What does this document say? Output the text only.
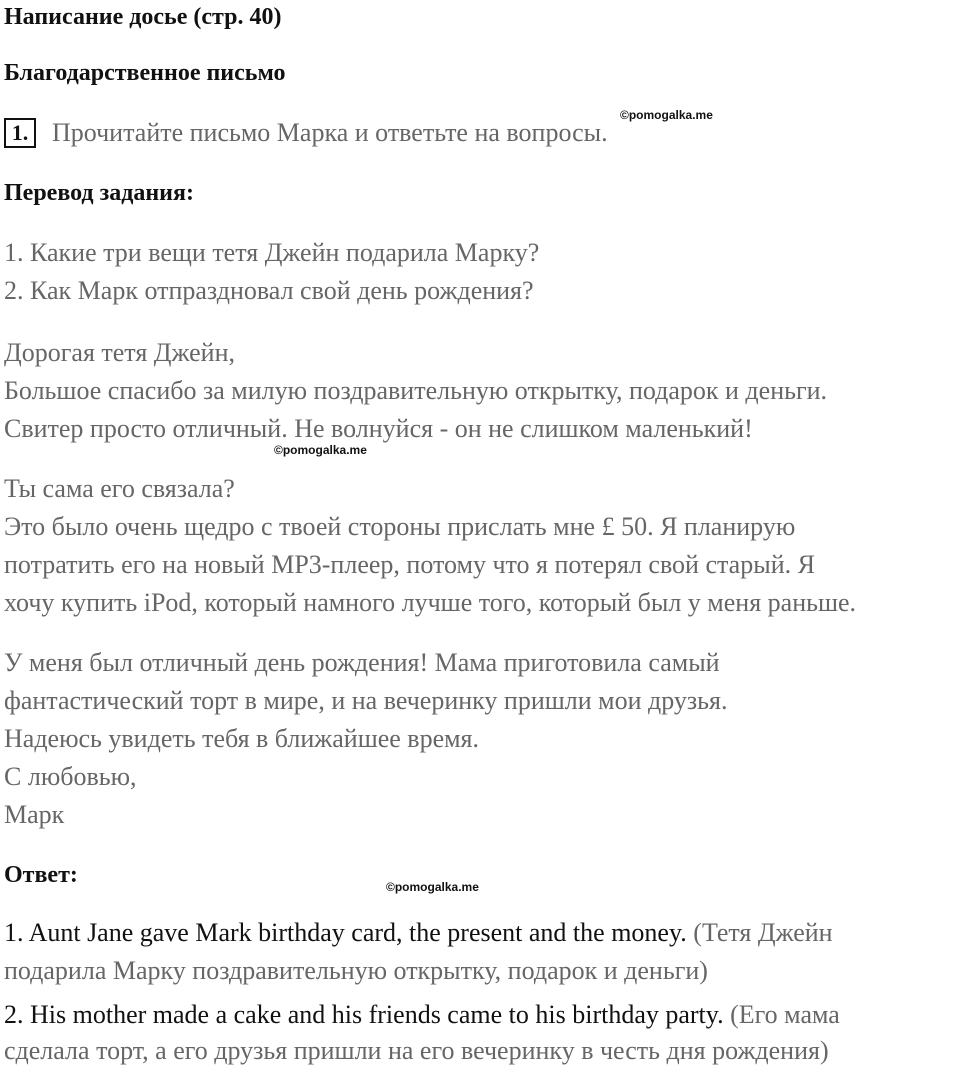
Написание досье (стр. 40)
Благодарственное письмо
©pomogalka.me
1. Прочитайте письмо Марка и ответьте на вопросы.
Перевод задания:
1. Какие три вещи тетя Джейн подарила Марку?
2. Как Марк отпраздновал свой день рождения?
Дорогая тетя Джейн,
Большое спасибо за милую поздравительную открытку, подарок и деньги.
Свитер просто отличный. Не волнуйся - он не слишком маленький!
©pomogalka.me
Ты сама его связала?
Это было очень щедро с твоей стороны прислать мне £ 50. Я планирую
потратить его на новый MP3-плеер, потому что я потерял свой старый. Я
хочу купить iPod, который намного лучше того, который был у меня раньше.
У меня был отличный день рождения! Мама приготовила самый
фантастический торт в мире, и на вечеринку пришли мои друзья.
Надеюсь увидеть тебя в ближайшее время.
С любовью,
Марк
Ответ:	©pomogalka.me
1. Aunt Jane gave Mark birthday card, the present and the money. (Тетя Джейн
подарила Марку поздравительную открытку, подарок и деньги)
2. His mother made a cake and his friends came to his birthday party. (Его мама
сделала торт, а его друзья пришли на его вечеринку в честь дня рождения)
